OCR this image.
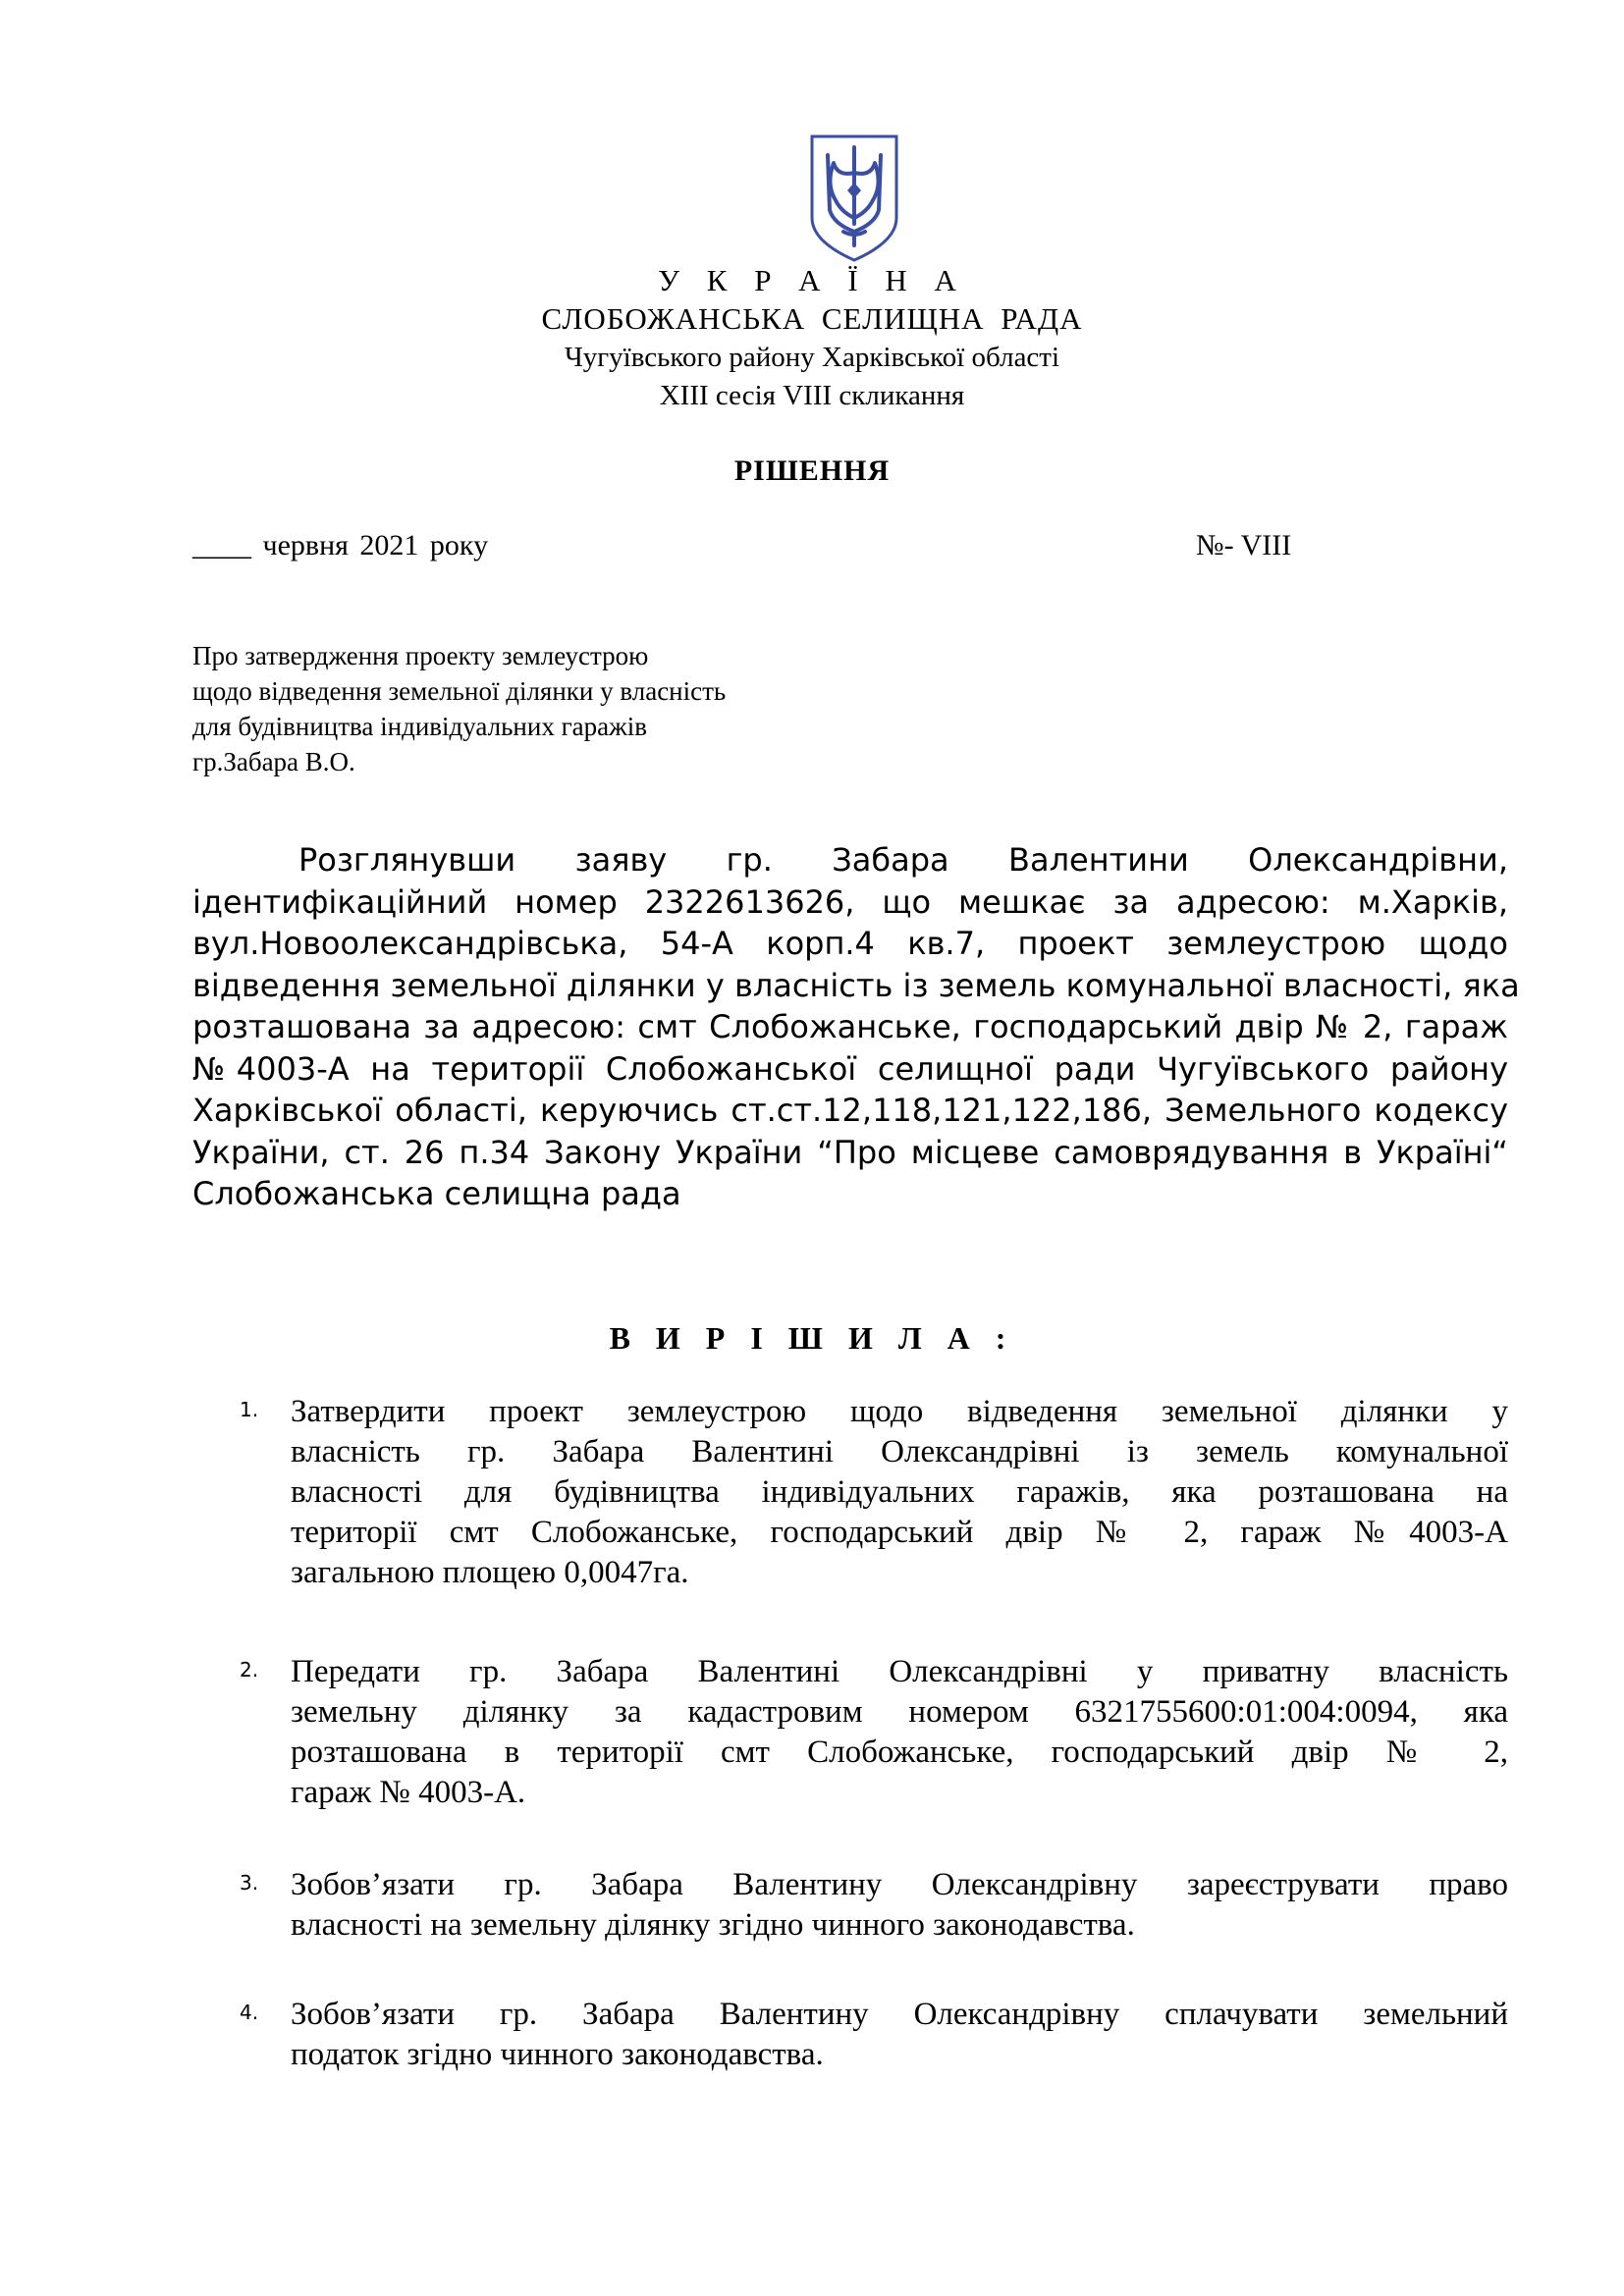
У К Р А Ї Н А
СЛОБОЖАНСЬКА СЕЛИЩНА РАДА
Чугуївського району Харківської області
XIII сесія VIII скликання
РІШЕННЯ
____ червня 2021 року	№- VIII
Про затвердження проекту землеустрою
щодо відведення земельної ділянки у власність
для будівництва індивідуальних гаражів
гр.Забара В.О.
Розглянувши заяву гр. Забара Валентини Олександрівни,
ідентифікаційний номер 2322613626, що мешкає за адресою: м.Харків,
вул.Новоолександрівська, 54-А корп.4 кв.7, проект землеустрою щодо
відведення земельної ділянки у власність із земель комунальної власності, яка
розташована за адресою: смт Слобожанське, господарський двір № 2, гараж
№4003-А на території Слобожанської селищної ради Чугуївського району
Харківської області, керуючись ст.ст.12,118,121,122,186, Земельного кодексу
України, ст. 26 п.34 Закону України “Про місцеве самоврядування в Україні“
Слобожанська селищна рада
В И Р І Ш И Л А :
1. Затвердити проект землеустрою щодо відведення земельної ділянки у
власність гр. Забара Валентині Олександрівні із земель комунальної
власності для будівництва індивідуальних гаражів, яка розташована на
території смт Слобожанське, господарський двір № 2, гараж №4003-А
загальною площею 0,0047га.
2. Передати гр. Забара Валентині Олександрівні у приватну власність
земельну ділянку за кадастровим номером 6321755600:01:004:0094, яка
розташована в території смт Слобожанське, господарський двір № 2,
гараж № 4003-А.
3. Зобов’язати гр. Забара Валентину Олександрівну зареєструвати право
власності на земельну ділянку згідно чинного законодавства.
4. Зобов’язати гр. Забара Валентину Олександрівну сплачувати земельний
податок згідно чинного законодавства.
